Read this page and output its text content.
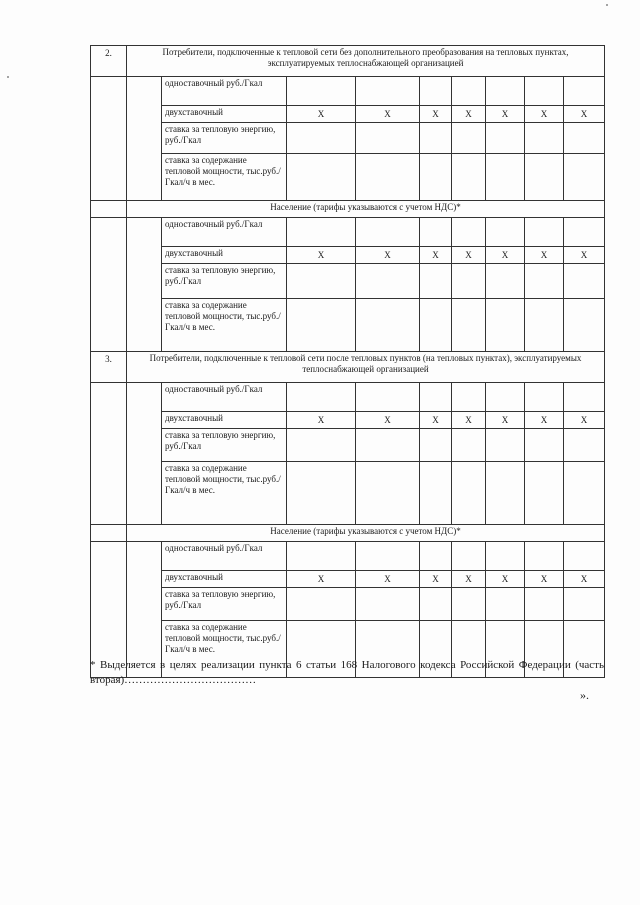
2.	Потребители, подключенные к тепловой сети без дополнительного преобразования на тепловых пунктах, эксплуатируемых теплоснабжающей организацией								
		одноставочный руб./Гкал							
		двухставочный	X	X	X	X	X	X	X
		ставка за тепловую энергию, руб./Гкал							
		ставка за содержание тепловой мощности, тыс.руб./Гкал/ч в мес.							
	Население (тарифы указываются с учетом НДС)*								
		одноставочный руб./Гкал							
		двухставочный	X	X	X	X	X	X	X
		ставка за тепловую энергию, руб./Гкал							
		ставка за содержание тепловой мощности, тыс.руб./Гкал/ч в мес.							
3.	Потребители, подключенные к тепловой сети после тепловых пунктов (на тепловых пунктах), эксплуатируемых теплоснабжающей организацией								
		одноставочный руб./Гкал							
		двухставочный	X	X	X	X	X	X	X
		ставка за тепловую энергию, руб./Гкал							
		ставка за содержание тепловой мощности, тыс.руб./Гкал/ч в мес.							
	Население (тарифы указываются с учетом НДС)*								
		одноставочный руб./Гкал							
		двухставочный	X	X	X	X	X	X	X
		ставка за тепловую энергию, руб./Гкал							
		ставка за содержание тепловой мощности, тыс.руб./Гкал/ч в мес.							
* Выделяется в целях реализации пункта 6 статьи 168 Налогового кодекса Российской Федерации (часть вторая)………………………………
».
